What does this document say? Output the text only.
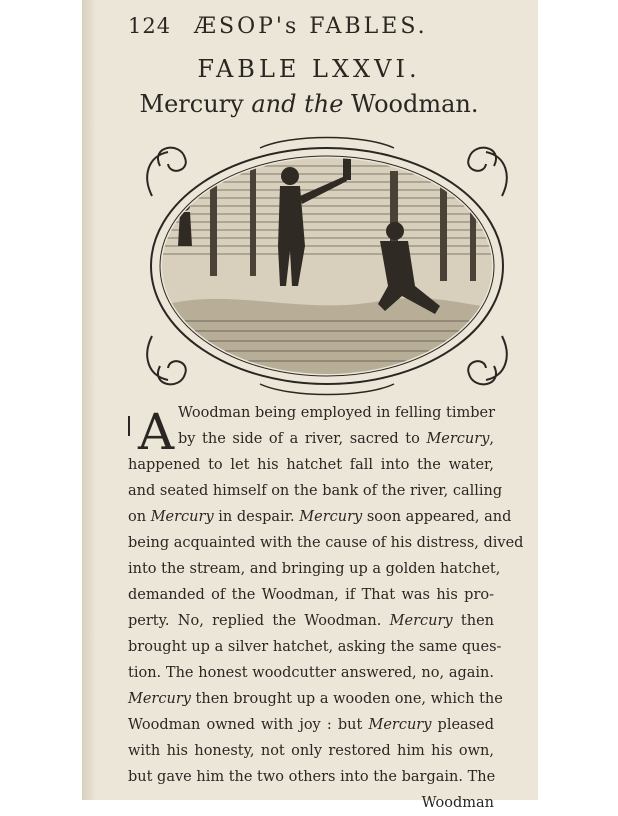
124 ÆSOP's FABLES.
FABLE LXXVI.
Mercury and the Woodman.
A Woodman being employed in felling timber
by the side of a river, sacred to Mercury,
happened to let his hatchet fall into the water,
and seated himself on the bank of the river, calling
on Mercury in despair. Mercury soon appeared, and
being acquainted with the cause of his distress, dived
into the stream, and bringing up a golden hatchet,
demanded of the Woodman, if That was his pro-
perty. No, replied the Woodman. Mercury then
brought up a silver hatchet, asking the same ques-
tion. The honest woodcutter answered, no, again.
Mercury then brought up a wooden one, which the
Woodman owned with joy : but Mercury pleased
with his honesty, not only restored him his own,
but gave him the two others into the bargain. The
Woodman
